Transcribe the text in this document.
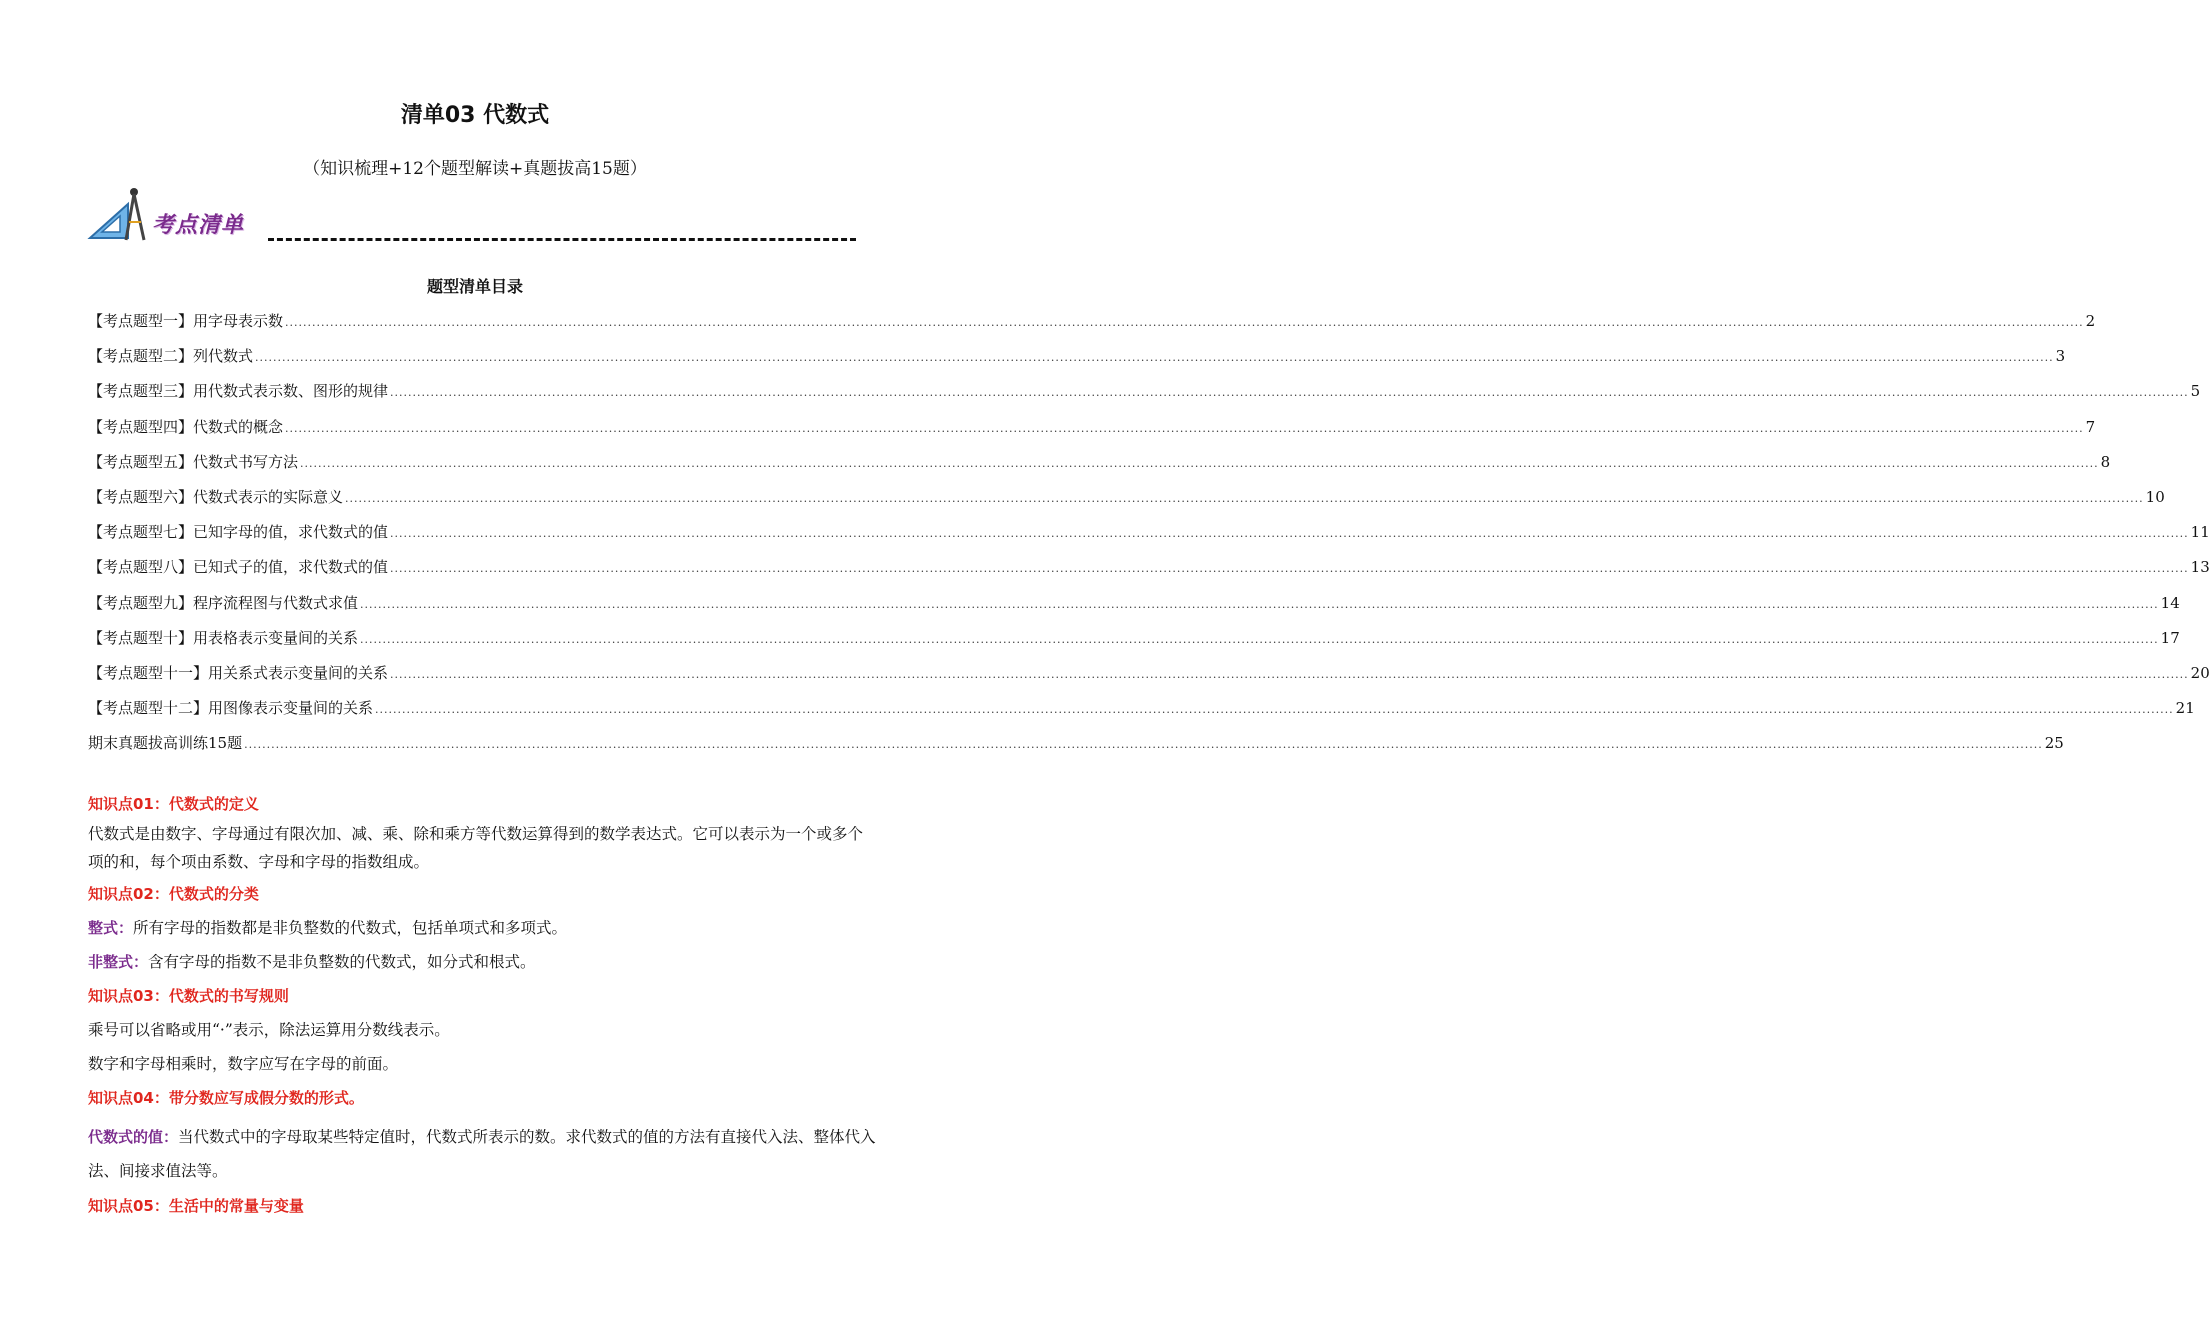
清单03 代数式
（知识梳理+12个题型解读+真题拔高15题）
考点清单
题型清单目录
【考点题型一】用字母表示数 ................................................................................................................................................................................................................................................................................................................................................................................................................ 2
【考点题型二】列代数式 ................................................................................................................................................................................................................................................................................................................................................................................................................ 3
【考点题型三】用代数式表示数、图形的规律 ................................................................................................................................................................................................................................................................................................................................................................................................................ 5
【考点题型四】代数式的概念 ................................................................................................................................................................................................................................................................................................................................................................................................................ 7
【考点题型五】代数式书写方法 ................................................................................................................................................................................................................................................................................................................................................................................................................ 8
【考点题型六】代数式表示的实际意义 ................................................................................................................................................................................................................................................................................................................................................................................................................ 10
【考点题型七】已知字母的值，求代数式的值 ................................................................................................................................................................................................................................................................................................................................................................................................................ 11
【考点题型八】已知式子的值，求代数式的值 ................................................................................................................................................................................................................................................................................................................................................................................................................ 13
【考点题型九】程序流程图与代数式求值 ................................................................................................................................................................................................................................................................................................................................................................................................................ 14
【考点题型十】用表格表示变量间的关系 ................................................................................................................................................................................................................................................................................................................................................................................................................ 17
【考点题型十一】用关系式表示变量间的关系 ................................................................................................................................................................................................................................................................................................................................................................................................................ 20
【考点题型十二】用图像表示变量间的关系 ................................................................................................................................................................................................................................................................................................................................................................................................................ 21
期末真题拔高训练15题 ................................................................................................................................................................................................................................................................................................................................................................................................................ 25
知识点01：代数式的定义
代数式是由数字、字母通过有限次加、减、乘、除和乘方等代数运算得到的数学表达式。它可以表示为一个或多个项的和，每个项由系数、字母和字母的指数组成。
知识点02：代数式的分类
整式：所有字母的指数都是非负整数的代数式，包括单项式和多项式。
非整式：含有字母的指数不是非负整数的代数式，如分式和根式。
知识点03：代数式的书写规则
乘号可以省略或用“·”表示，除法运算用分数线表示。
数字和字母相乘时，数字应写在字母的前面。
知识点04：带分数应写成假分数的形式。
代数式的值：当代数式中的字母取某些特定值时，代数式所表示的数。求代数式的值的方法有直接代入法、整体代入法、间接求值法等。
知识点05：生活中的常量与变量
